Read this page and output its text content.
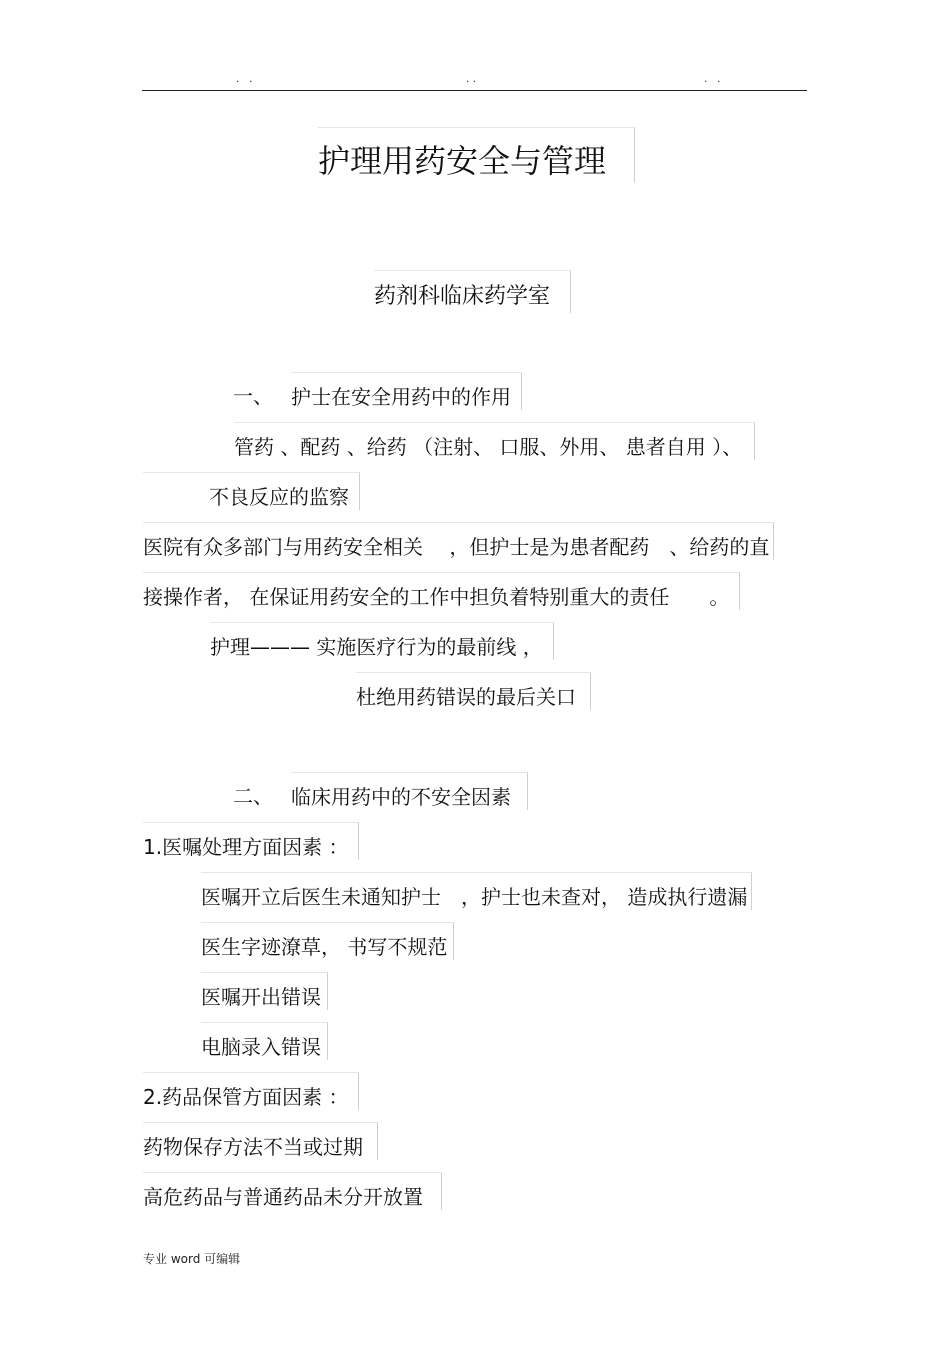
. .	..	. .
护理用药安全与管理
药剂科临床药学室
一、 护士在安全用药中的作用
管药 、配药 、给药 （注射、 口服、外用、 患者自用 ）、
不良反应的监察
医院有众多部门与用药安全相关　 ，但护士是为患者配药　、给药的直
接操作者， 在保证用药安全的工作中担负着特别重大的责任　　。
护理——— 实施医疗行为的最前线 ，
杜绝用药错误的最后关口
二、 临床用药中的不安全因素
1.医嘱处理方面因素 ：
医嘱开立后医生未通知护士　，护士也未查对， 造成执行遗漏
医生字迹潦草， 书写不规范
医嘱开出错误
电脑录入错误
2.药品保管方面因素 ：
药物保存方法不当或过期
高危药品与普通药品未分开放置
专业 word 可编辑
